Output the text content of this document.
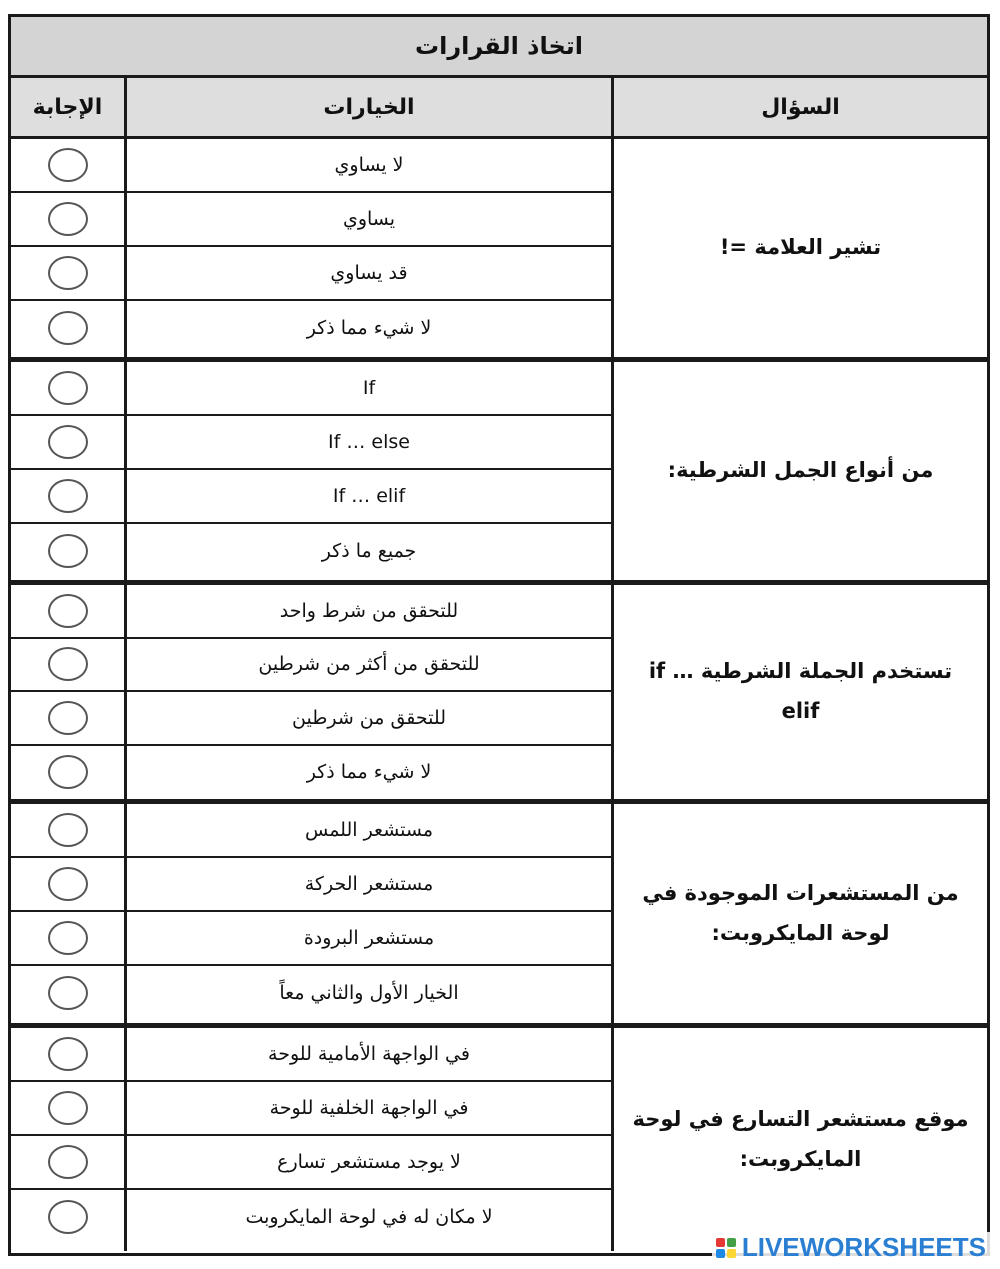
اتخاذ القرارات
السؤال
الخيارات
الإجابة
تشير العلامة =!
لا يساوي
يساوي
قد يساوي
لا شيء مما ذكر
من أنواع الجمل الشرطية:
If
If … else
If … elif
جميع ما ذكر
تستخدم الجملة الشرطية if … elif
للتحقق من شرط واحد
للتحقق من أكثر من شرطين
للتحقق من شرطين
لا شيء مما ذكر
من المستشعرات الموجودة في لوحة المايكروبت:
مستشعر اللمس
مستشعر الحركة
مستشعر البرودة
الخيار الأول والثاني معاً
موقع مستشعر التسارع في لوحة المايكروبت:
في الواجهة الأمامية للوحة
في الواجهة الخلفية للوحة
لا يوجد مستشعر تسارع
لا مكان له في لوحة المايكروبت
LIVEWORKSHEETS
